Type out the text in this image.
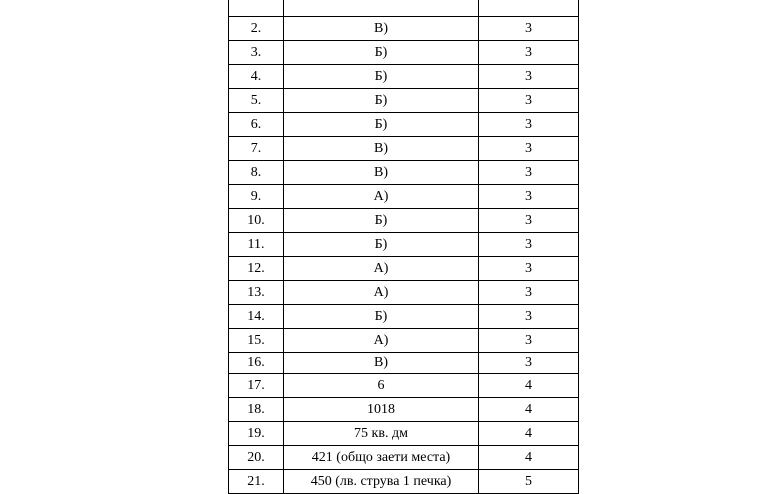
2.	В)	3
3.	Б)	3
4.	Б)	3
5.	Б)	3
6.	Б)	3
7.	В)	3
8.	В)	3
9.	А)	3
10.	Б)	3
11.	Б)	3
12.	А)	3
13.	А)	3
14.	Б)	3
15.	А)	3
16.	В)	3
17.	6	4
18.	1018	4
19.	75 кв. дм	4
20.	421 (общо заети места)	4
21.	450 (лв. струва 1 печка)	5
